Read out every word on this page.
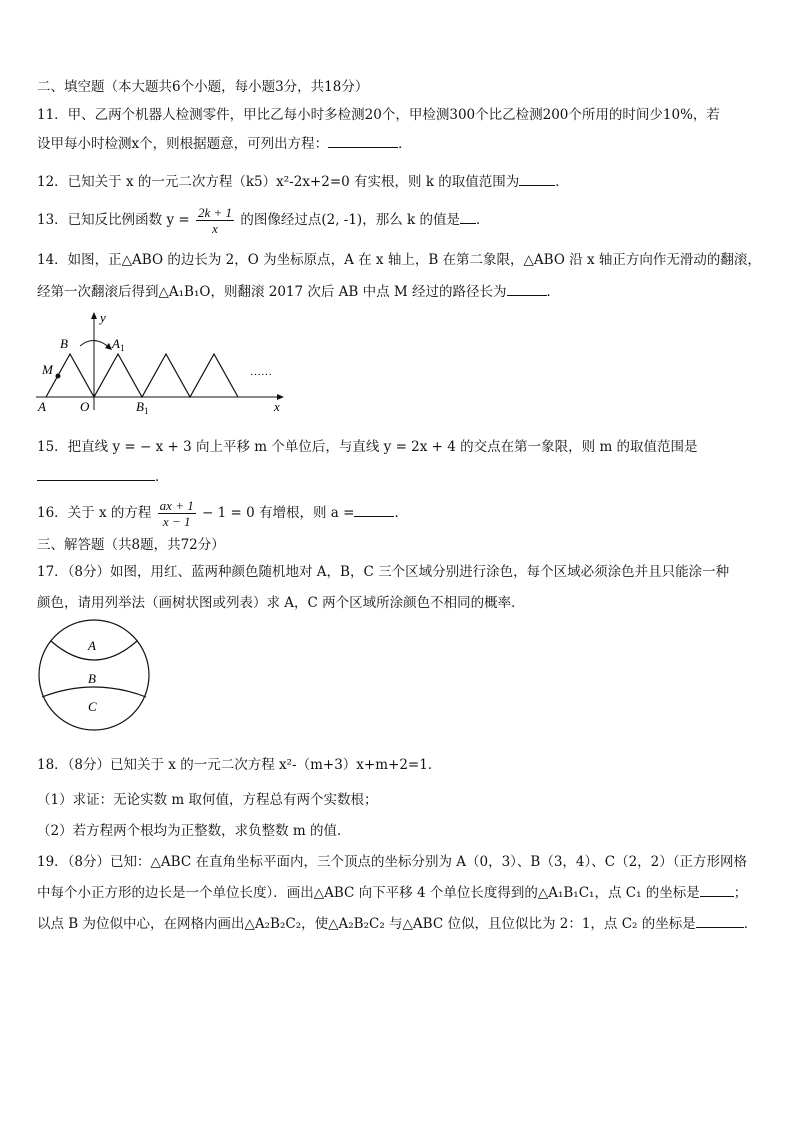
二、填空题（本大题共6个小题，每小题3分，共18分）
11．甲、乙两个机器人检测零件，甲比乙每小时多检测20个，甲检测300个比乙检测200个所用的时间少10%，若
设甲每小时检测x个，则根据题意，可列出方程：	．
12．已知关于 x 的一元二次方程（k5）x²-2x+2=0 有实根，则 k 的取值范围为	．
13．已知反比例函数 $y = \frac{2k + 1}{x}$ 的图像经过点(2, -1)，那么 k 的值是 ．
14．如图，正△ABO 的边长为 2，O 为坐标原点，A 在 x 轴上，B 在第二象限，△ABO 沿 x 轴正方向作无滑动的翻滚，
经第一次翻滚后得到△A₁B₁O，则翻滚 2017 次后 AB 中点 M 经过的路径长为	．
y
x
B	$A_1$
M
A	O	$B_1$
……
15．把直线 y = − x + 3 向上平移 m 个单位后，与直线 y = 2x + 4 的交点在第一象限，则 m 的取值范围是
．
16．关于 x 的方程 $\frac{ax + 1}{x - 1} - 1 = 0$ 有增根，则 a =	．
三、解答题（共8题，共72分）
17．（8分）如图，用红、蓝两种颜色随机地对 A，B，C 三个区域分别进行涂色，每个区域必须涂色并且只能涂一种
颜色，请用列举法（画树状图或列表）求 A，C 两个区域所涂颜色不相同的概率．
A
B
C
18．（8分）已知关于 x 的一元二次方程 x²-（m+3）x+m+2=1．
（1）求证：无论实数 m 取何值，方程总有两个实数根；
（2）若方程两个根均为正整数，求负整数 m 的值．
19．（8分）已知：△ABC 在直角坐标平面内，三个顶点的坐标分别为 A（0，3）、B（3，4）、C（2，2）（正方形网格
中每个小正方形的边长是一个单位长度）．画出△ABC 向下平移 4 个单位长度得到的△A₁B₁C₁，点 C₁ 的坐标是	；
以点 B 为位似中心，在网格内画出△A₂B₂C₂，使△A₂B₂C₂ 与△ABC 位似，且位似比为 2：1，点 C₂ 的坐标是	．
